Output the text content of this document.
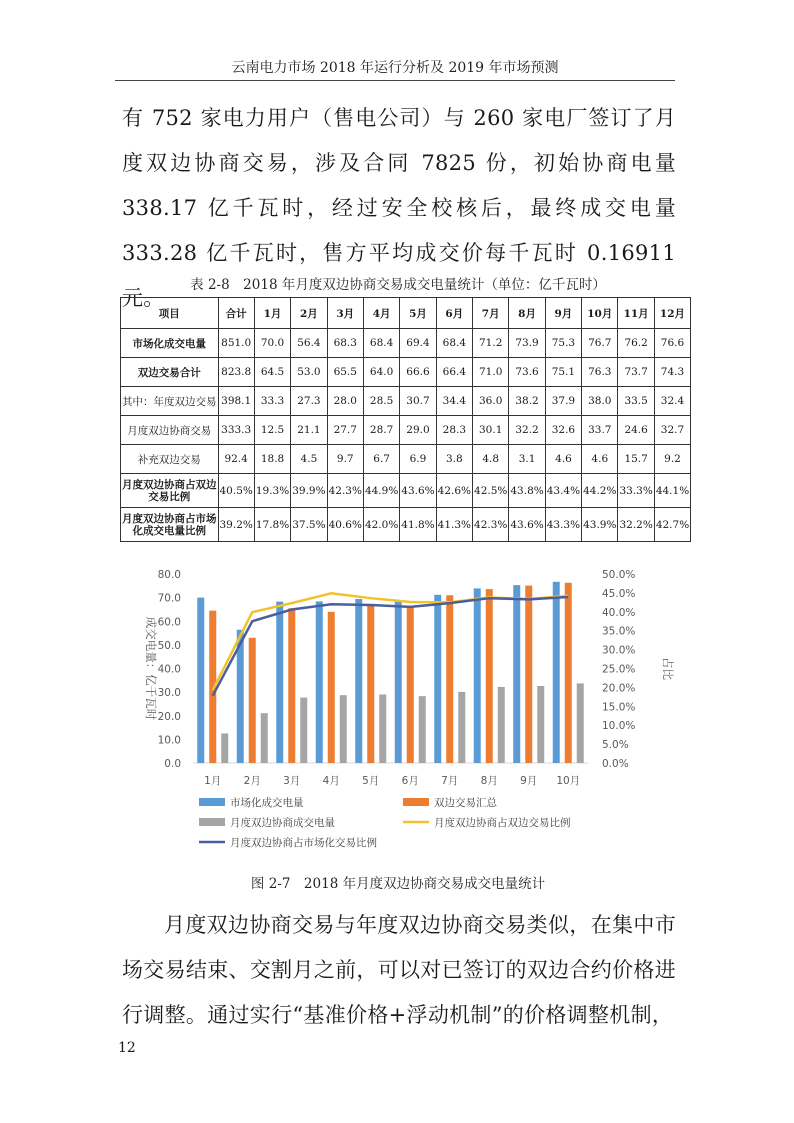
云南电力市场 2018 年运行分析及 2019 年市场预测

有 752 家电力用户（售电公司）与 260 家电厂签订了月度双边协商交易，涉及合同 7825 份，初始协商电量 338.17 亿千瓦时，经过安全校核后，最终成交电量 333.28 亿千瓦时，售方平均成交价每千瓦时 0.16911 元。

表 2-8　2018 年月度双边协商交易成交电量统计（单位：亿千瓦时）
项目	合计	1月	2月	3月	4月	5月	6月	7月	8月	9月	10月	11月	12月
市场化成交电量	851.0	70.0	56.4	68.3	68.4	69.4	68.4	71.2	73.9	75.3	76.7	76.2	76.6
双边交易合计	823.8	64.5	53.0	65.5	64.0	66.6	66.4	71.0	73.6	75.1	76.3	73.7	74.3
其中：年度双边交易	398.1	33.3	27.3	28.0	28.5	30.7	34.4	36.0	38.2	37.9	38.0	33.5	32.4
月度双边协商交易	333.3	12.5	21.1	27.7	28.7	29.0	28.3	30.1	32.2	32.6	33.7	24.6	32.7
补充双边交易	92.4	18.8	4.5	9.7	6.7	6.9	3.8	4.8	3.1	4.6	4.6	15.7	9.2
月度双边协商占双边交易比例	40.5%	19.3%	39.9%	42.3%	44.9%	43.6%	42.6%	42.5%	43.8%	43.4%	44.2%	33.3%	44.1%
月度双边协商占市场化成交电量比例	39.2%	17.8%	37.5%	40.6%	42.0%	41.8%	41.3%	42.3%	43.6%	43.3%	43.9%	32.2%	42.7%
0.0
10.0
20.0
30.0
40.0
50.0
60.0
70.0
80.0
0.0%
5.0%
10.0%
15.0%
20.0%
25.0%
30.0%
35.0%
40.0%
45.0%
50.0%
成交电量：亿千瓦时	占比
1月 2月 3月 4月 5月 6月 7月 8月 9月 10月
市场化成交电量	双边交易汇总
月度双边协商成交电量	月度双边协商占双边交易比例
月度双边协商占市场化交易比例
图 2-7　2018 年月度双边协商交易成交电量统计

月度双边协商交易与年度双边协商交易类似，在集中市场交易结束、交割月之前，可以对已签订的双边合约价格进行调整。通过实行“基准价格+浮动机制”的价格调整机制，

12
